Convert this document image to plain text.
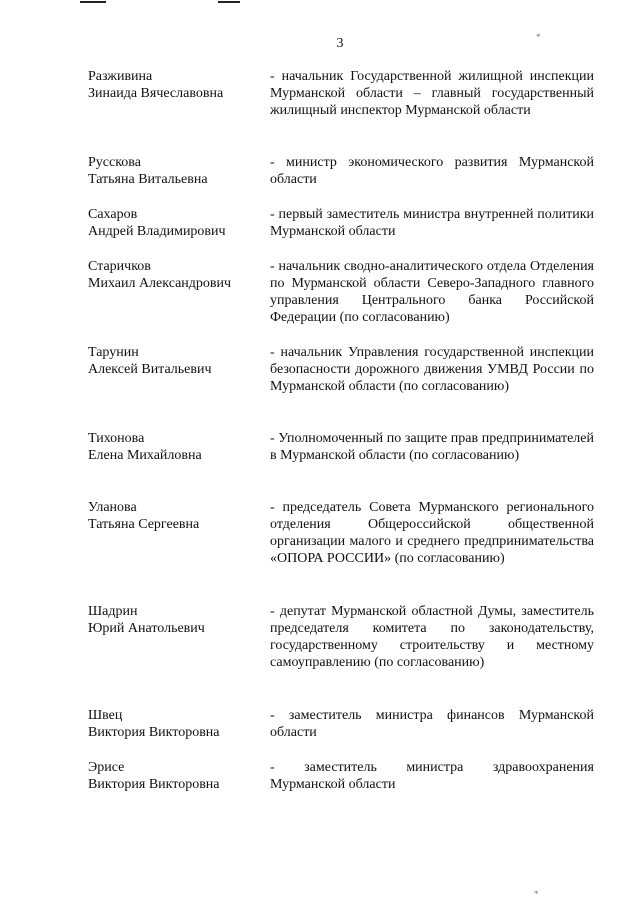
3
Разживина
Зинаида Вячеславовна
- начальник Государственной жилищной инспекции Мурманской области – главный государственный жилищный инспектор Мурманской области
Русскова
Татьяна Витальевна
- министр экономического развития Мурманской области
Сахаров
Андрей Владимирович
- первый заместитель министра внутренней политики Мурманской области
Старичков
Михаил Александрович
- начальник сводно-аналитического отдела Отделения по Мурманской области Северо-Западного главного управления Центрального банка Российской Федерации (по согласованию)
Тарунин
Алексей Витальевич
- начальник Управления государственной инспекции безопасности дорожного движения УМВД России по Мурманской области (по согласованию)
Тихонова
Елена Михайловна
- Уполномоченный по защите прав предпринимателей в Мурманской области (по согласованию)
Уланова
Татьяна Сергеевна
- председатель Совета Мурманского регионального отделения Общероссийской общественной организации малого и среднего предпринимательства «ОПОРА РОССИИ» (по согласованию)
Шадрин
Юрий Анатольевич
- депутат Мурманской областной Думы, заместитель председателя комитета по законодательству, государственному строительству и местному самоуправлению (по согласованию)
Швец
Виктория Викторовна
- заместитель министра финансов Мурманской области
Эрисе
Виктория Викторовна
- заместитель министра здравоохранения Мурманской области
*
*
